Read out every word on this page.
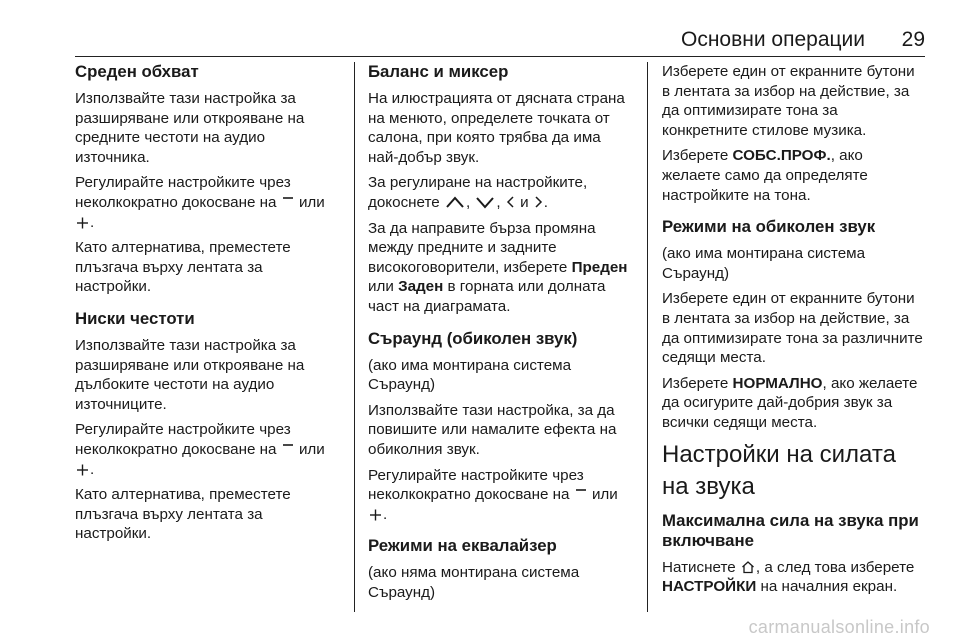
Основни операции 29
Среден обхват

Използвайте тази настройка за разширяване или открояване на средните честоти на аудио източника.

Регулирайте настройките чрез неколкократно докосване на
или
.

Като алтернатива, преместете плъзгача върху лентата за настройки.

Ниски честоти

Използвайте тази настройка за разширяване или открояване на дълбоките честоти на аудио източниците.

Регулирайте настройките чрез неколкократно докосване на
или
.

Като алтернатива, преместете плъзгача върху лентата за настройки.

Баланс и миксер

На илюстрацията от дясната страна на менюто, определете точката от салона, при която трябва да има най-добър звук.

За регулиране на настройките, докоснете
,
,
и
.

За да направите бърза промяна между предните и задните високоговорители, изберете Преден или Заден в горната или долната част на диаграмата.

Съраунд (обиколен звук)

(ако има монтирана система Съраунд)

Използвайте тази настройка, за да повишите или намалите ефекта на обиколния звук.

Регулирайте настройките чрез неколкократно докосване на
или
.

Режими на еквалайзер

(ако няма монтирана система Съраунд)

Изберете един от екранните бутони в лентата за избор на действие, за да оптимизирате тона за конкретните стилове музика.

Изберете СОБС.ПРОФ., ако желаете само да определяте настройките на тона.

Режими на обиколен звук

(ако има монтирана система Съраунд)

Изберете един от екранните бутони в лентата за избор на действие, за да оптимизирате тона за различните седящи места.

Изберете НОРМАЛНО, ако желаете да осигурите дай-добрия звук за всички седящи места.

Настройки на силата на звука
Максимална сила на звука при включване

Натиснете
, а след това изберете НАСТРОЙКИ на началния екран.

carmanualsonline.info
